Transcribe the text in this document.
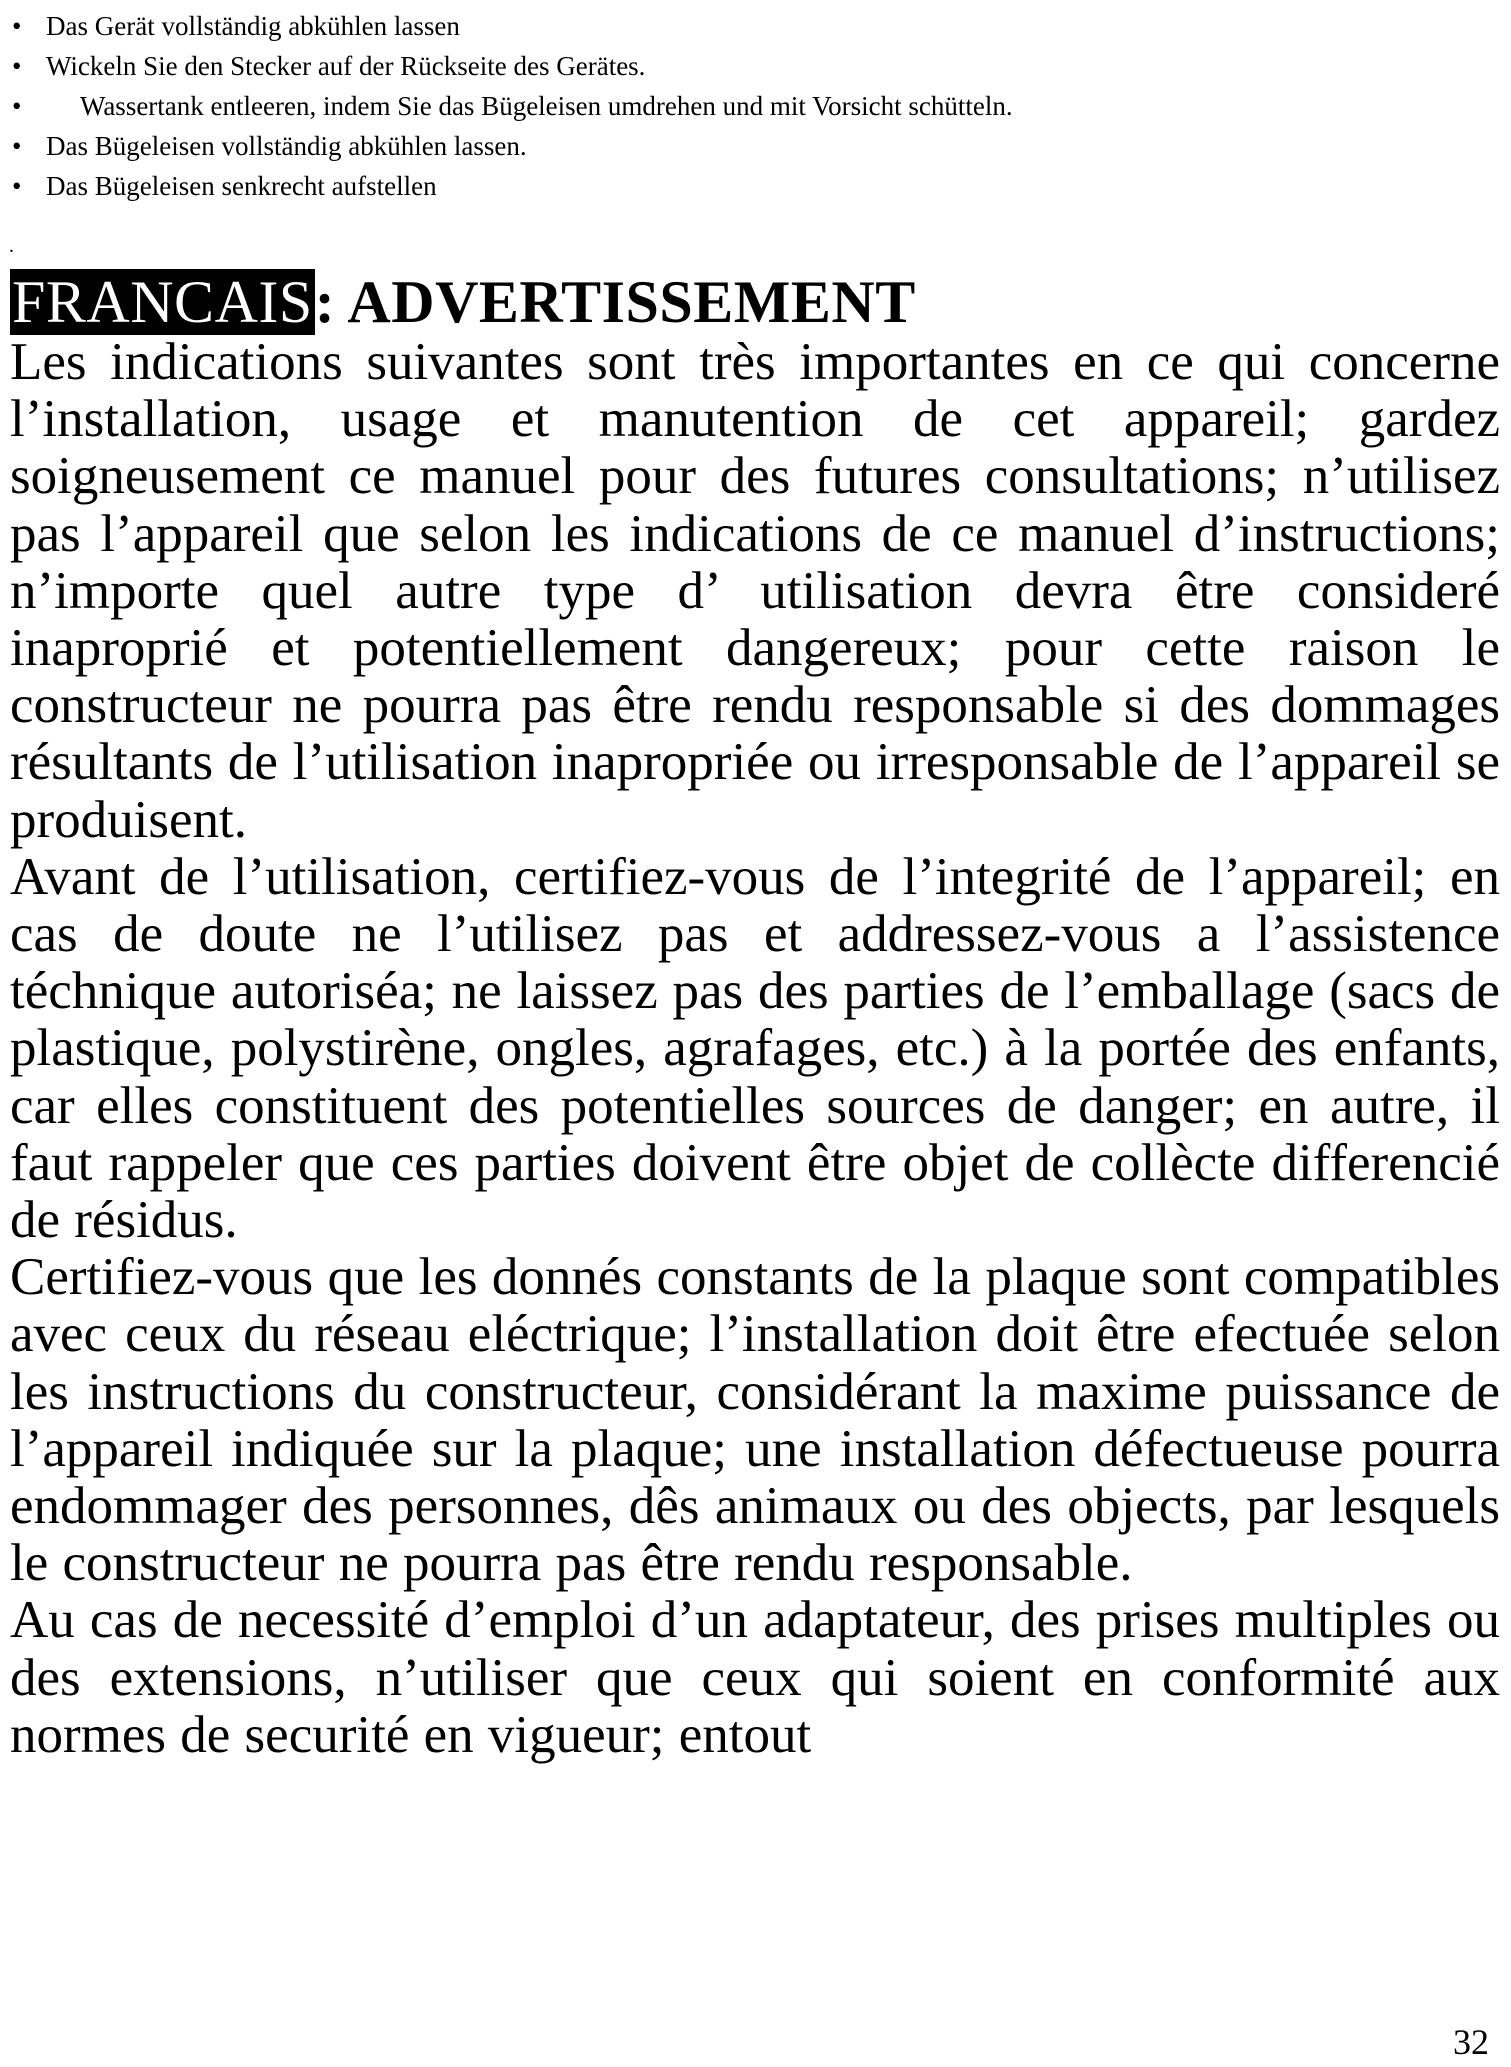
• Das Gerät vollständig abkühlen lassen
• Wickeln Sie den Stecker auf der Rückseite des Gerätes.
• Wassertank entleeren, indem Sie das Bügeleisen umdrehen und mit Vorsicht schütteln.
• Das Bügeleisen vollständig abkühlen lassen.
• Das Bügeleisen senkrecht aufstellen
.
FRANCAIS: ADVERTISSEMENT

Les indications suivantes sont très importantes en ce qui concerne l’installation, usage et manutention de cet appareil; gardez soigneusement ce manuel pour des futures consultations; n’utilisez pas l’appareil que selon les indications de ce manuel d’instructions; n’importe quel autre type d’ utilisation devra être consideré inaproprié et potentiellement dangereux; pour cette raison le constructeur ne pourra pas être rendu responsable si des dommages résultants de l’utilisation inapropriée ou irresponsable de l’appareil se produisent.

Avant de l’utilisation, certifiez-vous de l’integrité de l’appareil; en cas de doute ne l’utilisez pas et addressez-vous a l’assistence téchnique autoriséa; ne laissez pas des parties de l’emballage (sacs de plastique, polystirène, ongles, agrafages, etc.) à la portée des enfants, car elles constituent des potentielles sources de danger; en autre, il faut rappeler que ces parties doivent être objet de collècte differencié de résidus.

Certifiez-vous que les donnés constants de la plaque sont compatibles avec ceux du réseau eléctrique; l’installation doit être efectuée selon les instructions du constructeur, considérant la maxime puissance de l’appareil indiquée sur la plaque; une installation défectueuse pourra endommager des personnes, dês animaux ou des objects, par lesquels le constructeur ne pourra pas être rendu responsable.

Au cas de necessité d’emploi d’un adaptateur, des prises multiples ou des extensions, n’utiliser que ceux qui soient en conformité aux normes de securité en vigueur; entout

32
